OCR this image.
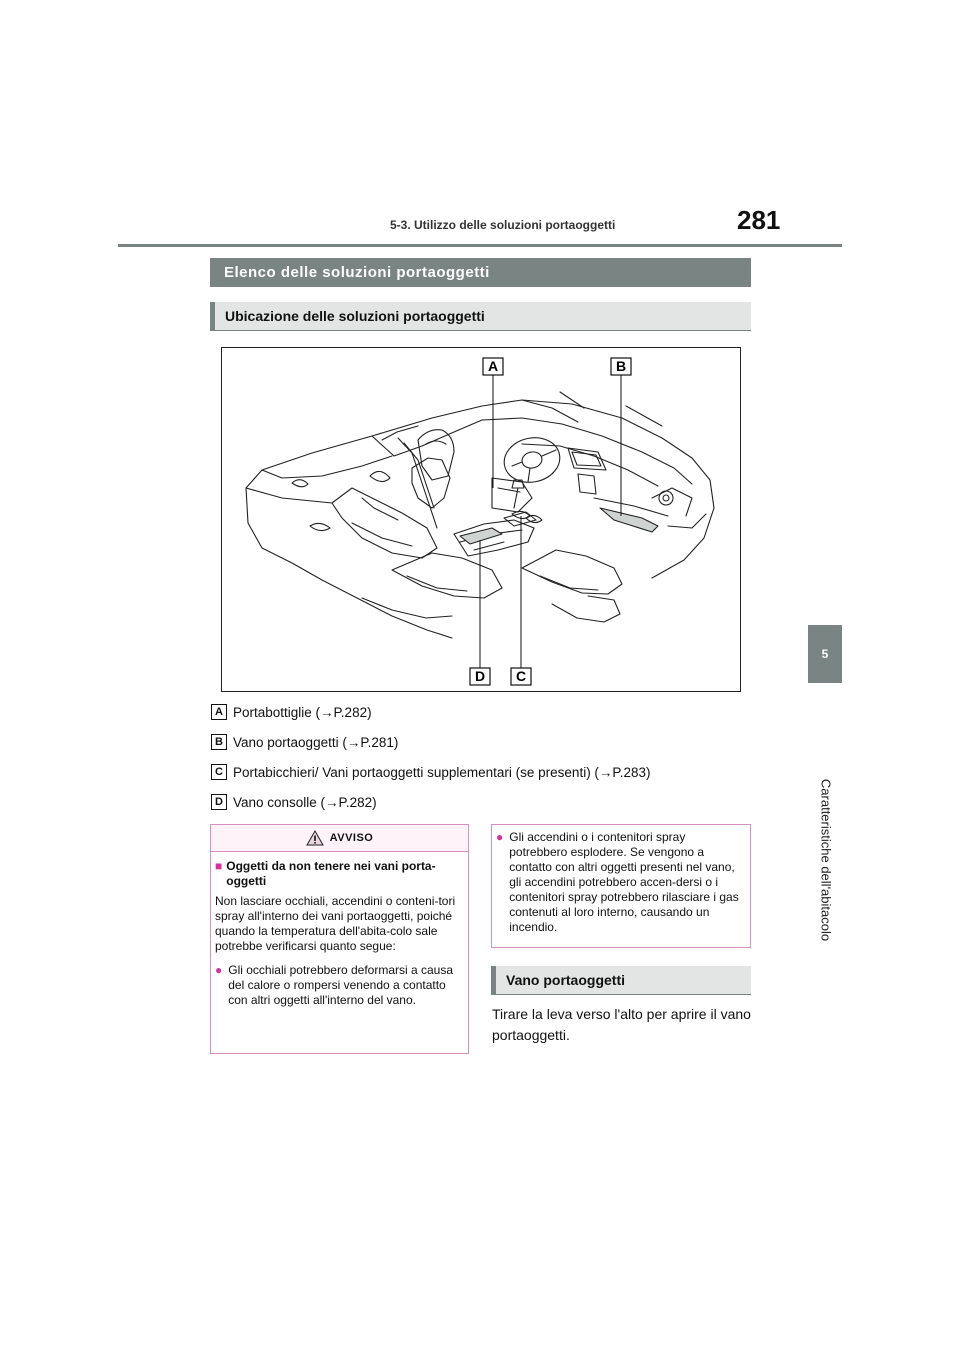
5-3. Utilizzo delle soluzioni portaoggetti	281
5
Caratteristiche dell'abitacolo
Elenco delle soluzioni portaoggetti
Ubicazione delle soluzioni portaoggetti
A	B
C
D
A Portabottiglie (→P.282)
B Vano portaoggetti (→P.281)
C Portabicchieri/ Vani portaoggetti supplementari (se presenti) (→P.283)
D Vano consolle (→P.282)
AVVISO
■ Oggetti da non tenere nei vani porta-oggetti
Non lasciare occhiali, accendini o conteni-tori spray all'interno dei vani portaoggetti, poiché quando la temperatura dell'abita-colo sale potrebbe verificarsi quanto segue:
● Gli occhiali potrebbero deformarsi a causa del calore o rompersi venendo a contatto con altri oggetti all'interno del vano.
● Gli accendini o i contenitori spray potrebbero esplodere. Se vengono a contatto con altri oggetti presenti nel vano, gli accendini potrebbero accen-dersi o i contenitori spray potrebbero rilasciare i gas contenuti al loro interno, causando un incendio.
Vano portaoggetti
Tirare la leva verso l'alto per aprire il vano portaoggetti.
